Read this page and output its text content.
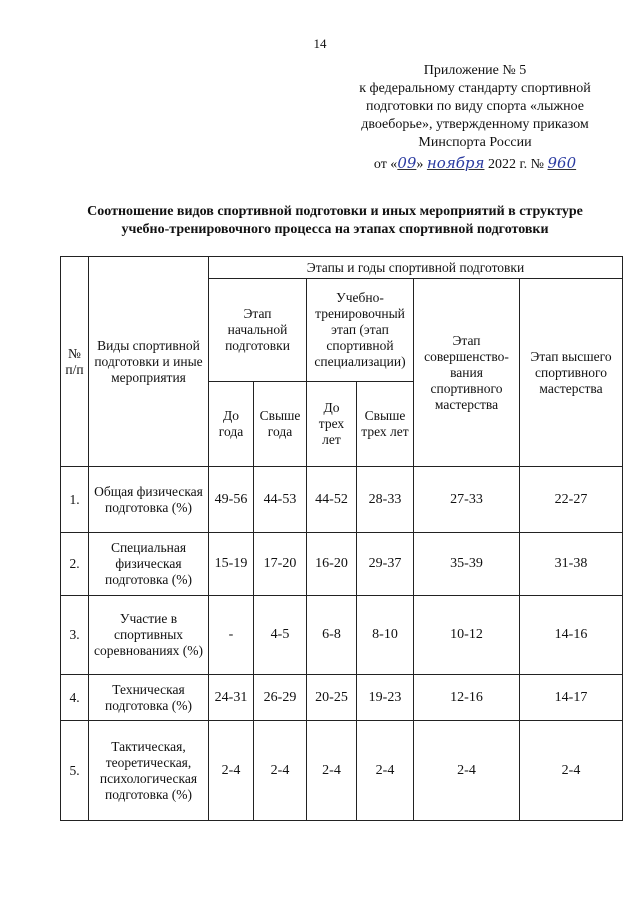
14
Приложение № 5
к федеральному стандарту спортивной
подготовки по виду спорта «лыжное
двоеборье», утвержденному приказом
Минспорта России
от «09» ноября 2022 г. № 960
Соотношение видов спортивной подготовки и иных мероприятий в структуре
учебно-тренировочного процесса на этапах спортивной подготовки
№ п/п	Виды спортивной подготовки и иные мероприятия	Этапы и годы спортивной подготовки					
		Этап начальной подготовки		Учебно-тренировочный этап (этап спортивной специализации)		Этап совершенство-вания спортивного мастерства	Этап высшего спортивного мастерства
		До года	Свыше года	До трех лет	Свыше трех лет		
1.	Общая физическая подготовка (%)	49-56	44-53	44-52	28-33	27-33	22-27
2.	Специальная физическая подготовка (%)	15-19	17-20	16-20	29-37	35-39	31-38
3.	Участие в спортивных соревнованиях (%)	-	4-5	6-8	8-10	10-12	14-16
4.	Техническая подготовка (%)	24-31	26-29	20-25	19-23	12-16	14-17
5.	Тактическая, теоретическая, психологическая подготовка (%)	2-4	2-4	2-4	2-4	2-4	2-4
